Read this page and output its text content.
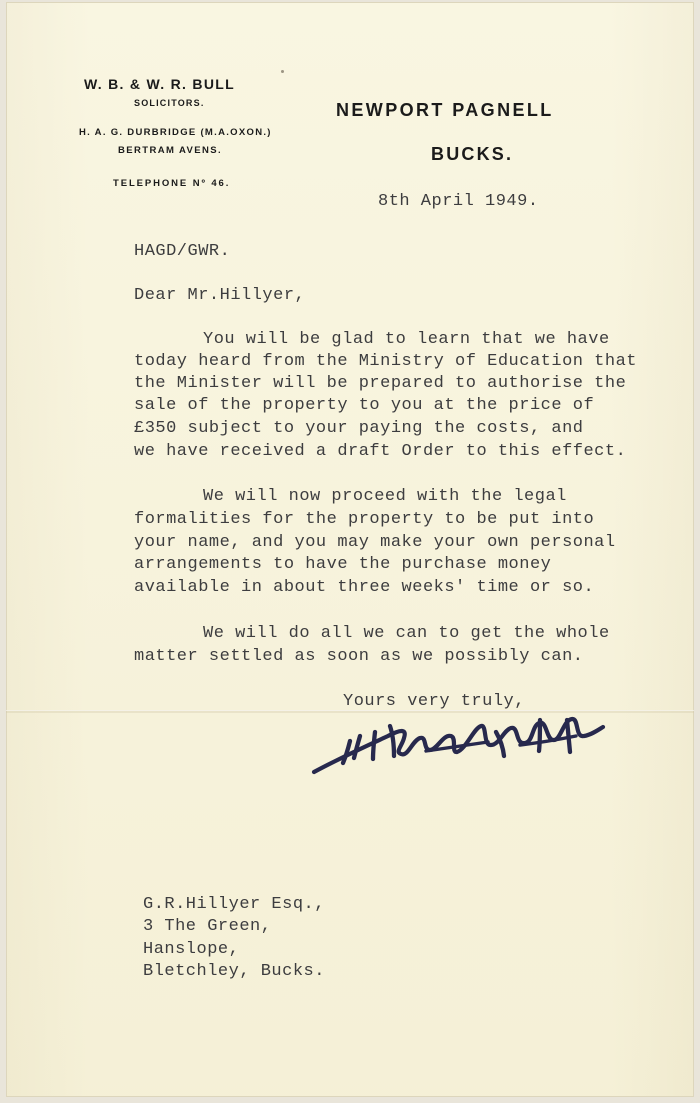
W. B. & W. R. BULL
SOLICITORS.
H. A. G. DURBRIDGE (M.A.OXON.)
BERTRAM AVENS.
TELEPHONE Nº 46.
NEWPORT PAGNELL
BUCKS.
8th April 1949.
HAGD/GWR.
Dear Mr.Hillyer,
You will be glad to learn that we have
today heard from the Ministry of Education that
the Minister will be prepared to authorise the
sale of the property to you at the price of
£350 subject to your paying the costs, and
we have received a draft Order to this effect.
We will now proceed with the legal
formalities for the property to be put into
your name, and you may make your own personal
arrangements to have the purchase money
available in about three weeks' time or so.
We will do all we can to get the whole
matter settled as soon as we possibly can.
Yours very truly,
G.R.Hillyer Esq.,
3 The Green,
Hanslope,
Bletchley, Bucks.
